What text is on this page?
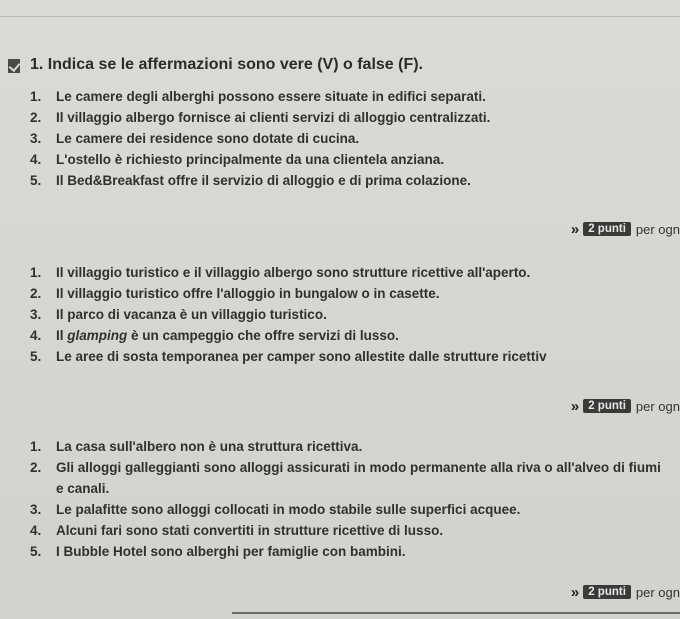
1. Indica se le affermazioni sono vere (V) o false (F).
1.	Le camere degli alberghi possono essere situate in edifici separati.
2.	Il villaggio albergo fornisce ai clienti servizi di alloggio centralizzati.
3.	Le camere dei residence sono dotate di cucina.
4.	L'ostello è richiesto principalmente da una clientela anziana.
5.	Il Bed&Breakfast offre il servizio di alloggio e di prima colazione.
» 2 punti per ogn
1.	Il villaggio turistico e il villaggio albergo sono strutture ricettive all'aperto.
2.	Il villaggio turistico offre l'alloggio in bungalow o in casette.
3.	Il parco di vacanza è un villaggio turistico.
4.	Il glamping è un campeggio che offre servizi di lusso.
5.	Le aree di sosta temporanea per camper sono allestite dalle strutture ricettiv
» 2 punti per ogn
1.	La casa sull'albero non è una struttura ricettiva.
2.	Gli alloggi galleggianti sono alloggi assicurati in modo permanente alla riva o all'alveo di fiumi e canali.
3.	Le palafitte sono alloggi collocati in modo stabile sulle superfici acquee.
4.	Alcuni fari sono stati convertiti in strutture ricettive di lusso.
5.	I Bubble Hotel sono alberghi per famiglie con bambini.
» 2 punti per ogn
